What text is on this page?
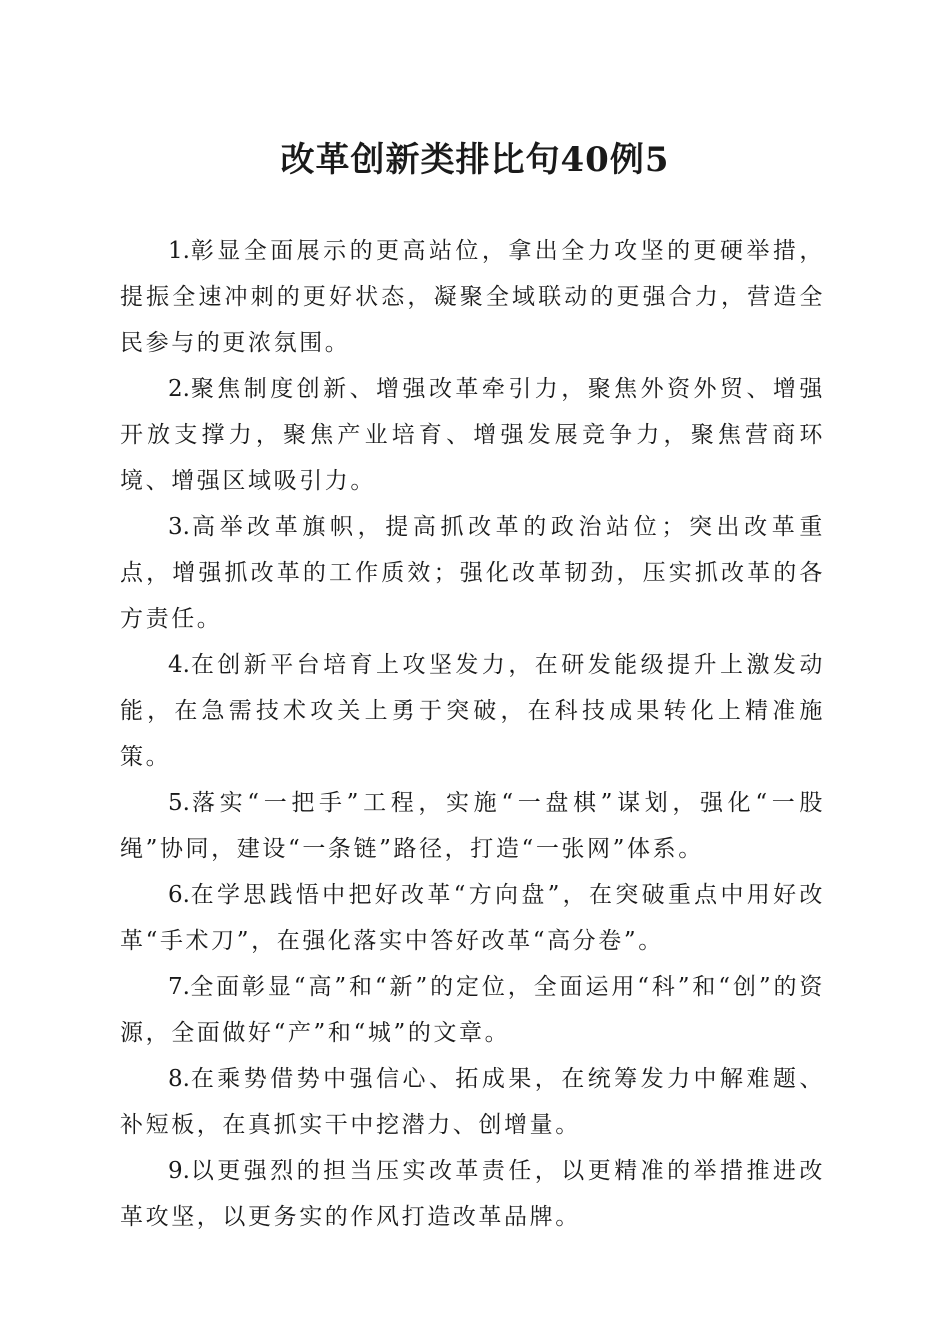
改革创新类排比句40例5

1.彰显全面展示的更高站位，拿出全力攻坚的更硬举措，提振全速冲刺的更好状态，凝聚全域联动的更强合力，营造全民参与的更浓氛围。

2.聚焦制度创新、增强改革牵引力，聚焦外资外贸、增强开放支撑力，聚焦产业培育、增强发展竞争力，聚焦营商环境、增强区域吸引力。

3.高举改革旗帜，提高抓改革的政治站位；突出改革重点，增强抓改革的工作质效；强化改革韧劲，压实抓改革的各方责任。

4.在创新平台培育上攻坚发力，在研发能级提升上激发动能，在急需技术攻关上勇于突破，在科技成果转化上精准施策。

5.落实“一把手”工程，实施“一盘棋”谋划，强化“一股绳”协同，建设“一条链”路径，打造“一张网”体系。

6.在学思践悟中把好改革“方向盘”，在突破重点中用好改革“手术刀”，在强化落实中答好改革“高分卷”。

7.全面彰显“高”和“新”的定位，全面运用“科”和“创”的资源，全面做好“产”和“城”的文章。

8.在乘势借势中强信心、拓成果，在统筹发力中解难题、补短板，在真抓实干中挖潜力、创增量。

9.以更强烈的担当压实改革责任，以更精准的举措推进改革攻坚，以更务实的作风打造改革品牌。
